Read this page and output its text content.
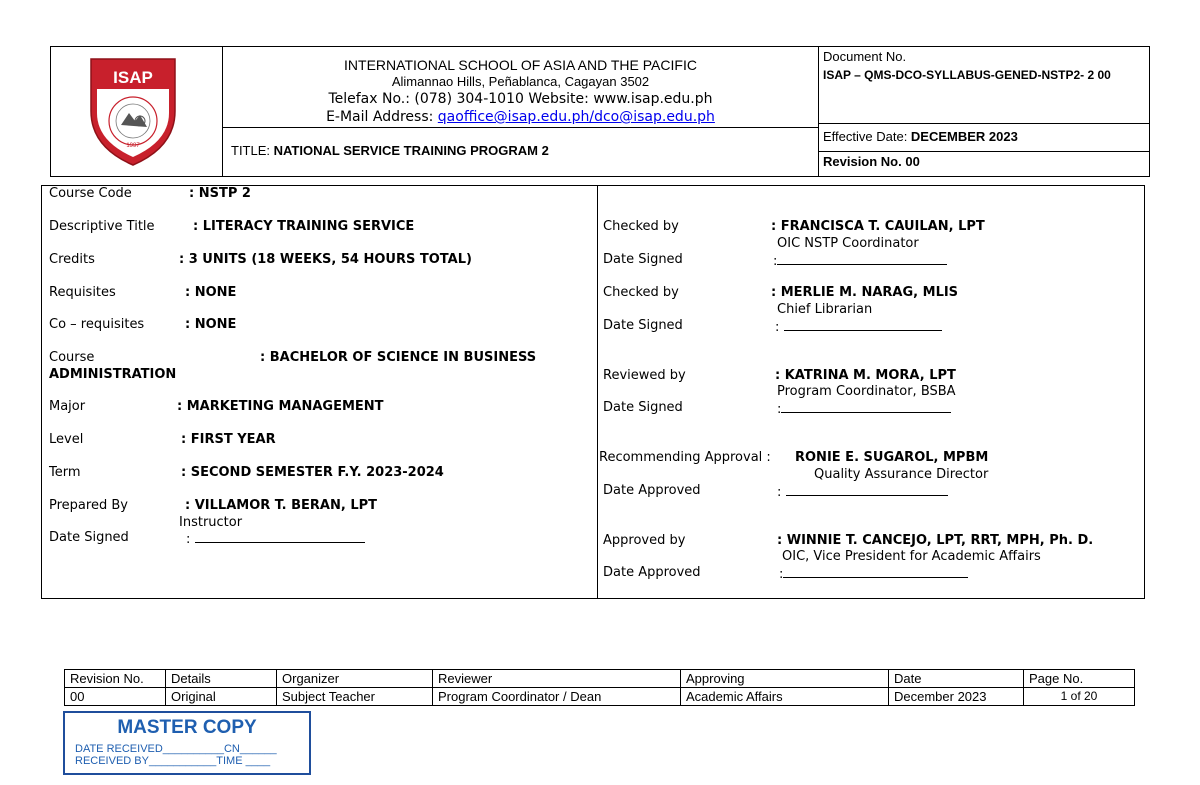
ISAP
1997
INTERNATIONAL SCHOOL OF ASIA AND THE PACIFIC
Alimannao Hills, Peñablanca, Cagayan 3502
Telefax No.: (078) 304-1010 Website: www.isap.edu.ph
E-Mail Address: qaoffice@isap.edu.ph/dco@isap.edu.ph
TITLE: NATIONAL SERVICE TRAINING PROGRAM 2
Document No.
ISAP – QMS-DCO-SYLLABUS-GENED-NSTP2- 2 00
Effective Date: DECEMBER 2023
Revision No. 00
Course Code	: NSTP 2
Descriptive Title	: LITERACY TRAINING SERVICE
Credits	: 3 UNITS (18 WEEKS, 54 HOURS TOTAL)
Requisites	: NONE
Co – requisites	: NONE
Course	: BACHELOR OF SCIENCE IN BUSINESS
ADMINISTRATION
Major	: MARKETING MANAGEMENT
Level	: FIRST YEAR
Term	: SECOND SEMESTER F.Y. 2023-2024
Prepared By	: VILLAMOR T. BERAN, LPT
Instructor
Date Signed	:
Checked by	: FRANCISCA T. CAUILAN, LPT
OIC NSTP Coordinator
Date Signed	:
Checked by	: MERLIE M. NARAG, MLIS
Chief Librarian
Date Signed	:
Reviewed by	: KATRINA M. MORA, LPT
Program Coordinator, BSBA
Date Signed	:
Recommending Approval : RONIE E. SUGAROL, MPBM
Quality Assurance Director
Date Approved	:
Approved by	: WINNIE T. CANCEJO, LPT, RRT, MPH, Ph. D.
OIC, Vice President for Academic Affairs
Date Approved	:
Revision No.	Details	Organizer	Reviewer	Approving	Date	Page No.
00	Original	Subject Teacher	Program Coordinator / Dean	Academic Affairs	December 2023	1 of 20
MASTER COPY
DATE RECEIVED__________CN______
RECEIVED BY___________TIME ____
